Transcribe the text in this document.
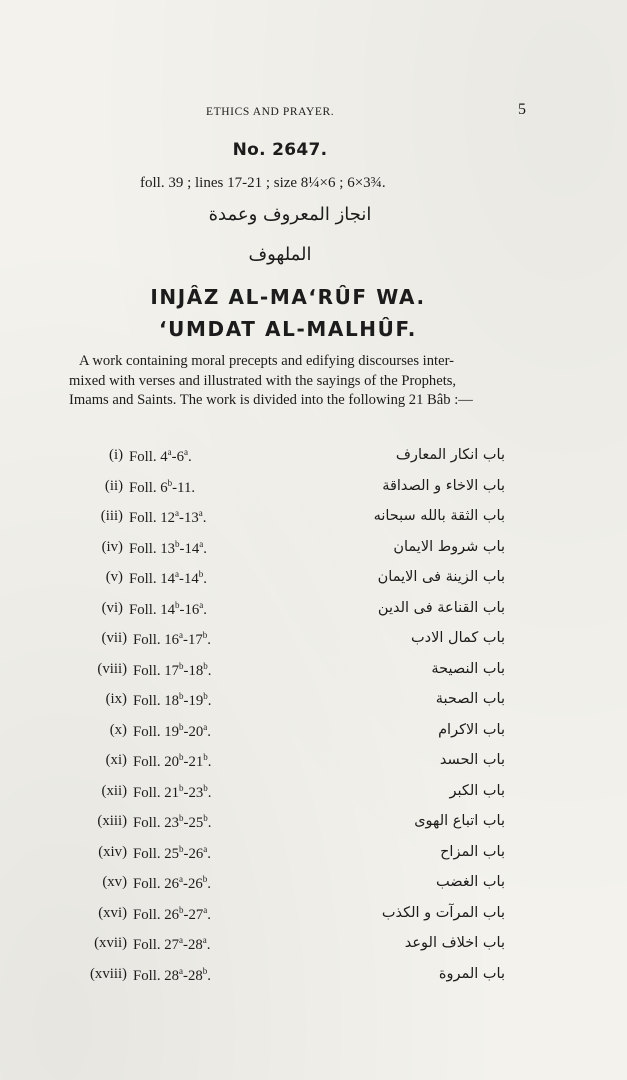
ETHICS AND PRAYER.	5
No. 2647.
foll. 39 ; lines 17-21 ; size 8¼×6 ; 6×3¾.
انجاز المعروف وعمدة
الملهوف
INJÂZ AL-MAʻRÛF WA.
ʻUMDAT AL-MALHÛF.
A work containing moral precepts and edifying discourses inter-
mixed with verses and illustrated with the sayings of the Prophets,
Imams and Saints. The work is divided into the following 21 Bâb :—
(i) Foll. 4$^a$-6$^a$.	باب انكار المعارف
(ii) Foll. 6$^b$-11.	باب الاخاء و الصداقة
(iii) Foll. 12$^a$-13$^a$.	باب الثقة بالله سبحانه
(iv) Foll. 13$^b$-14$^a$.	باب شروط الايمان
(v) Foll. 14$^a$-14$^b$.	باب الزينة فى الايمان
(vi) Foll. 14$^b$-16$^a$.	باب القناعة فى الدين
(vii) Foll. 16$^a$-17$^b$.	باب كمال الادب
(viii) Foll. 17$^b$-18$^b$.	باب النصيحة
(ix) Foll. 18$^b$-19$^b$.	باب الصحبة
(x) Foll. 19$^b$-20$^a$.	باب الاكرام
(xi) Foll. 20$^b$-21$^b$.	باب الحسد
(xii) Foll. 21$^b$-23$^b$.	باب الكبر
(xiii) Foll. 23$^b$-25$^b$.	باب اتباع الهوى
(xiv) Foll. 25$^b$-26$^a$.	باب المزاح
(xv) Foll. 26$^a$-26$^b$.	باب الغضب
(xvi) Foll. 26$^b$-27$^a$.	باب المرآت و الكذب
(xvii) Foll. 27$^a$-28$^a$.	باب اخلاف الوعد
(xviii) Foll. 28$^a$-28$^b$.	باب المروة
